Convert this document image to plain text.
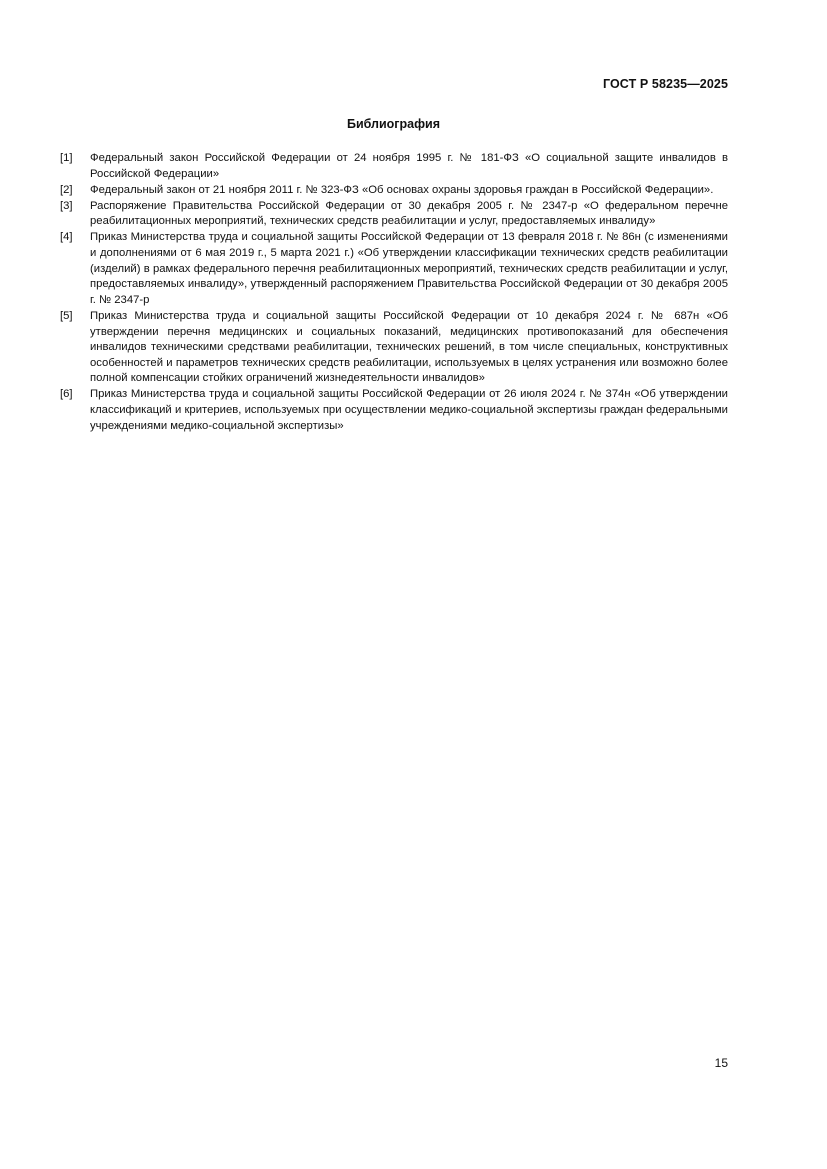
ГОСТ Р 58235—2025
Библиография
[1]	Федеральный закон Российской Федерации от 24 ноября 1995 г. № 181-ФЗ «О социальной защите инвалидов в Российской Федерации»
[2]	Федеральный закон от 21 ноября 2011 г. № 323-ФЗ «Об основах охраны здоровья граждан в Российской Федерации».
[3]	Распоряжение Правительства Российской Федерации от 30 декабря 2005 г. № 2347-р «О федеральном перечне реабилитационных мероприятий, технических средств реабилитации и услуг, предоставляемых инвалиду»
[4]	Приказ Министерства труда и социальной защиты Российской Федерации от 13 февраля 2018 г. № 86н (с изменениями и дополнениями от 6 мая 2019 г., 5 марта 2021 г.) «Об утверждении классификации технических средств реабилитации (изделий) в рамках федерального перечня реабилитационных мероприятий, технических средств реабилитации и услуг, предоставляемых инвалиду», утвержденный распоряжением Правительства Российской Федерации от 30 декабря 2005 г. № 2347-р
[5]	Приказ Министерства труда и социальной защиты Российской Федерации от 10 декабря 2024 г. № 687н «Об утверждении перечня медицинских и социальных показаний, медицинских противопоказаний для обеспечения инвалидов техническими средствами реабилитации, технических решений, в том числе специальных, конструктивных особенностей и параметров технических средств реабилитации, используемых в целях устранения или возможно более полной компенсации стойких ограничений жизнедеятельности инвалидов»
[6]	Приказ Министерства труда и социальной защиты Российской Федерации от 26 июля 2024 г. № 374н «Об утверждении классификаций и критериев, используемых при осуществлении медико-социальной экспертизы граждан федеральными учреждениями медико-социальной экспертизы»
15
